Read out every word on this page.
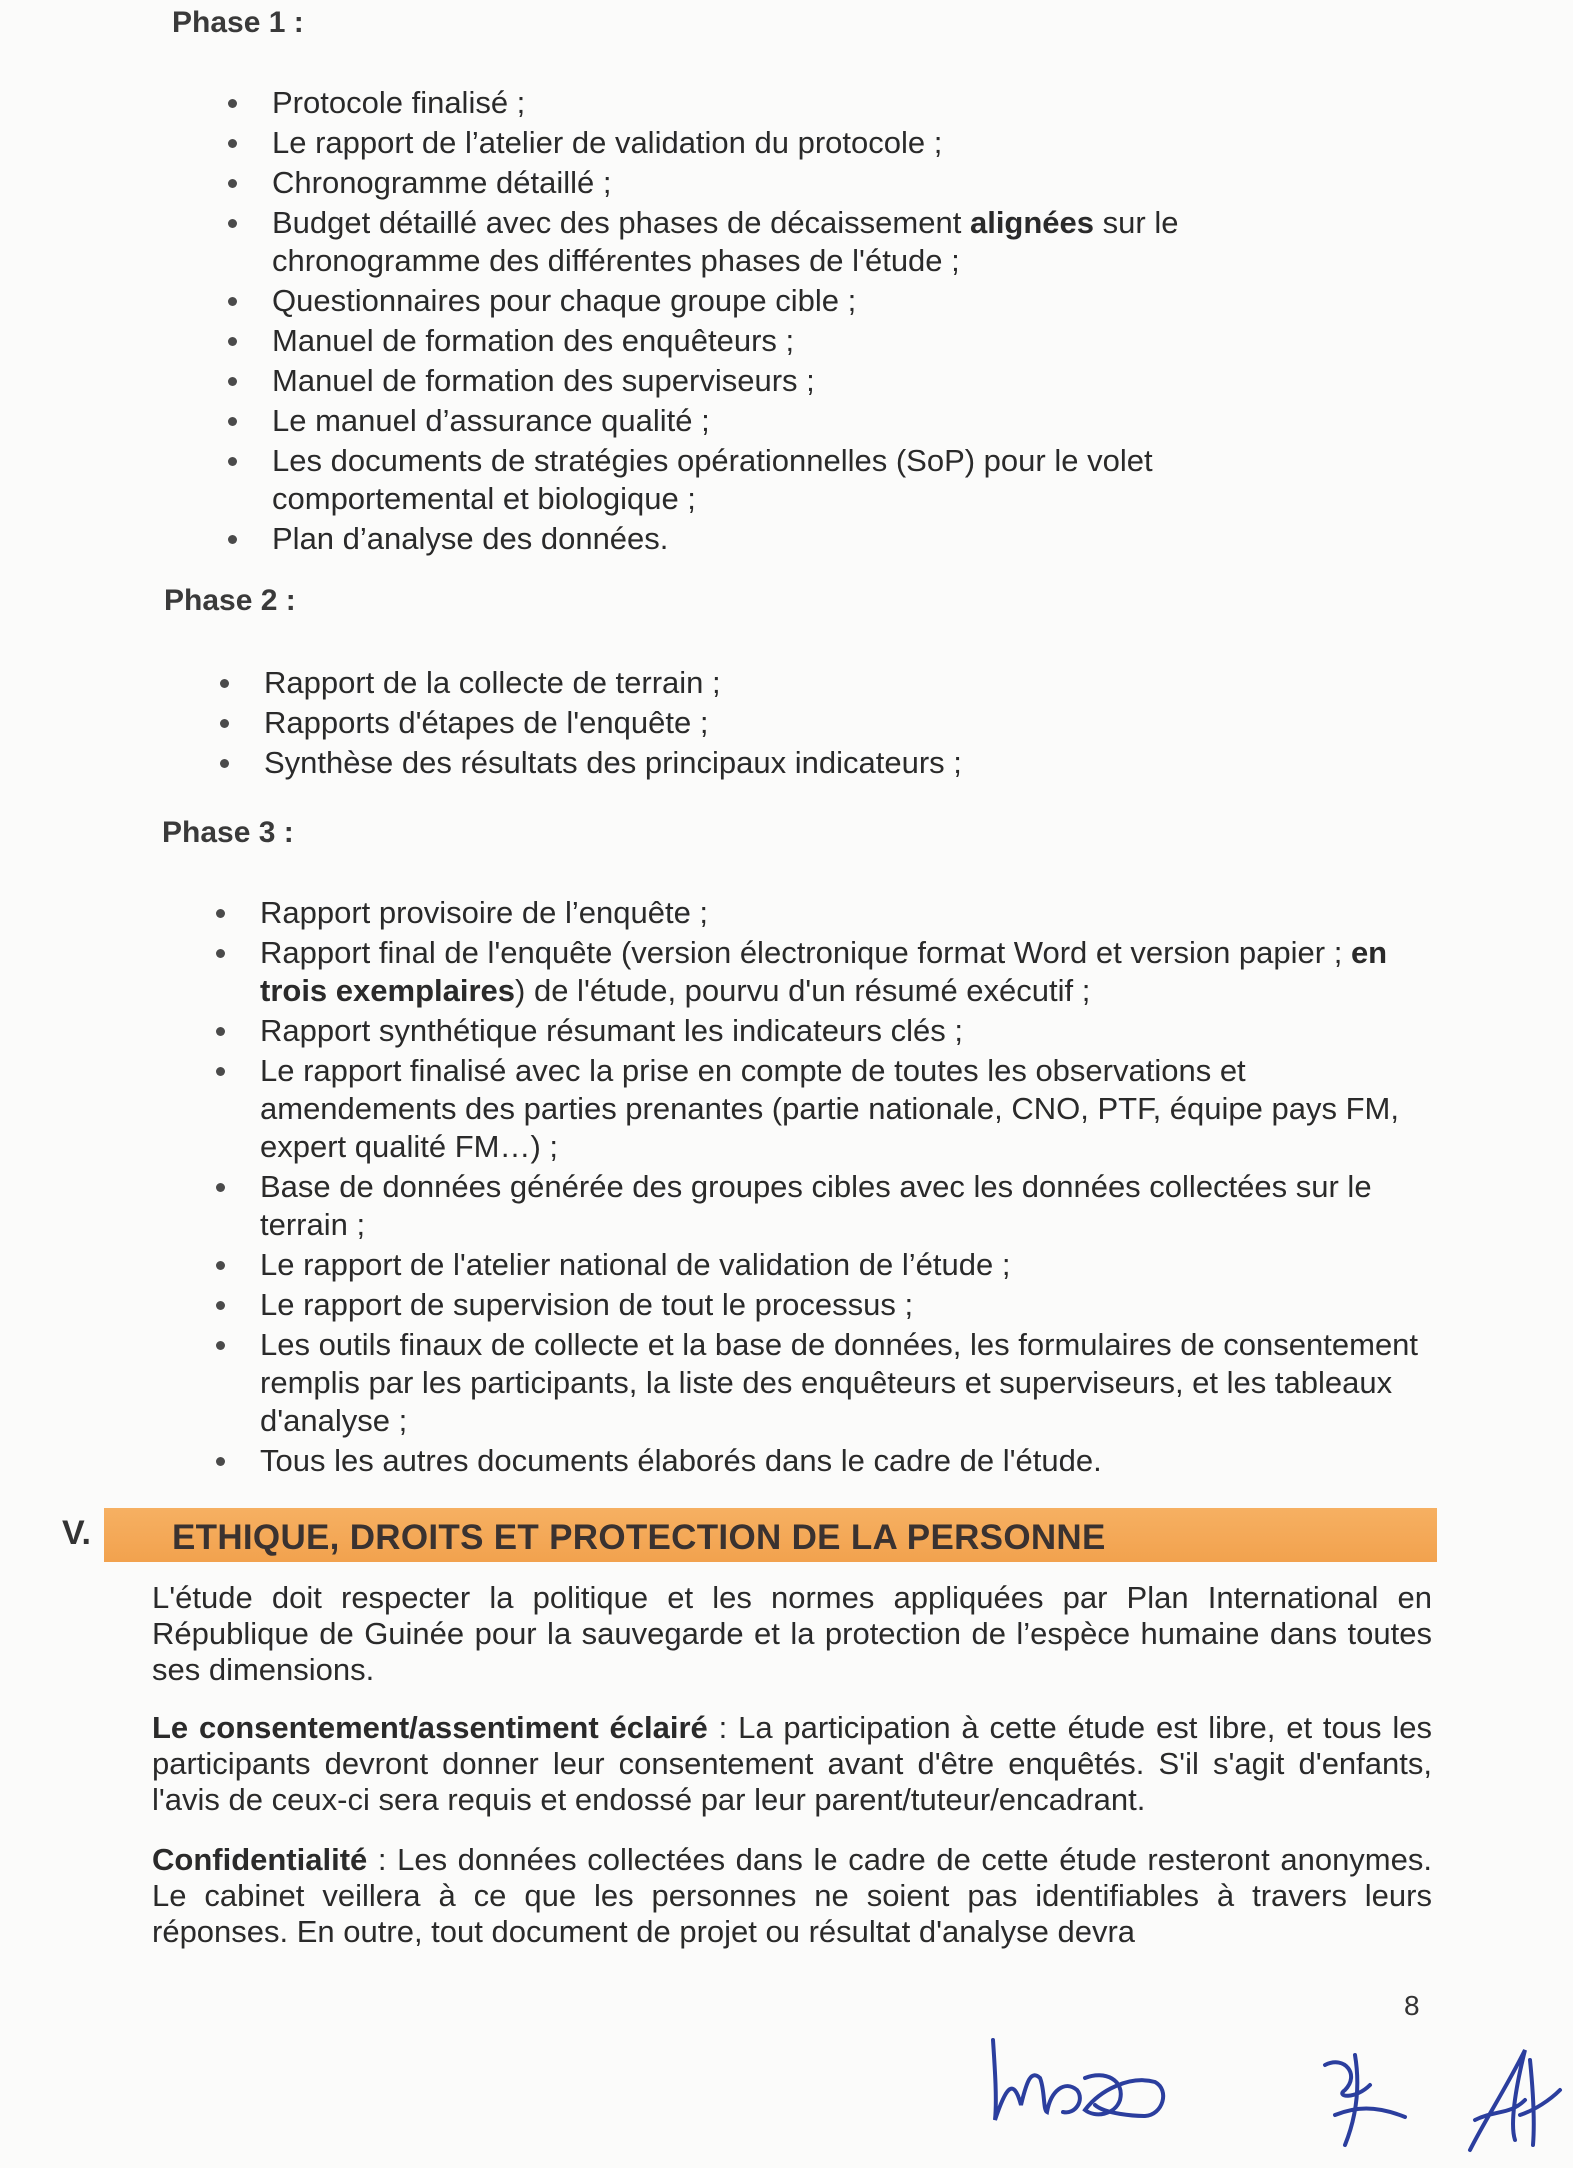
Phase 1 :
Protocole finalisé ;
Le rapport de l’atelier de validation du protocole ;
Chronogramme détaillé ;
Budget détaillé avec des phases de décaissement alignées sur le chronogramme des différentes phases de l'étude ;
Questionnaires pour chaque groupe cible ;
Manuel de formation des enquêteurs ;
Manuel de formation des superviseurs ;
Le manuel d’assurance qualité ;
Les documents de stratégies opérationnelles (SoP) pour le volet comportemental et biologique ;
Plan d’analyse des données.
Phase 2 :
Rapport de la collecte de terrain ;
Rapports d'étapes de l'enquête ;
Synthèse des résultats des principaux indicateurs ;
Phase 3 :
Rapport provisoire de l’enquête ;
Rapport final de l'enquête (version électronique format Word et version papier ; en trois exemplaires) de l'étude, pourvu d'un résumé exécutif ;
Rapport synthétique résumant les indicateurs clés ;
Le rapport finalisé avec la prise en compte de toutes les observations et amendements des parties prenantes (partie nationale, CNO, PTF, équipe pays FM, expert qualité FM…) ;
Base de données générée des groupes cibles avec les données collectées sur le terrain ;
Le rapport de l'atelier national de validation de l’étude ;
Le rapport de supervision de tout le processus ;
Les outils finaux de collecte et la base de données, les formulaires de consentement remplis par les participants, la liste des enquêteurs et superviseurs, et les tableaux d'analyse ;
Tous les autres documents élaborés dans le cadre de l'étude.
V. ETHIQUE, DROITS ET PROTECTION DE LA PERSONNE

L'étude doit respecter la politique et les normes appliquées par Plan International en République de Guinée pour la sauvegarde et la protection de l’espèce humaine dans toutes ses dimensions.

Le consentement/assentiment éclairé : La participation à cette étude est libre, et tous les participants devront donner leur consentement avant d'être enquêtés. S'il s'agit d'enfants, l'avis de ceux-ci sera requis et endossé par leur parent/tuteur/encadrant.

Confidentialité : Les données collectées dans le cadre de cette étude resteront anonymes. Le cabinet veillera à ce que les personnes ne soient pas identifiables à travers leurs réponses. En outre, tout document de projet ou résultat d'analyse devra

8
